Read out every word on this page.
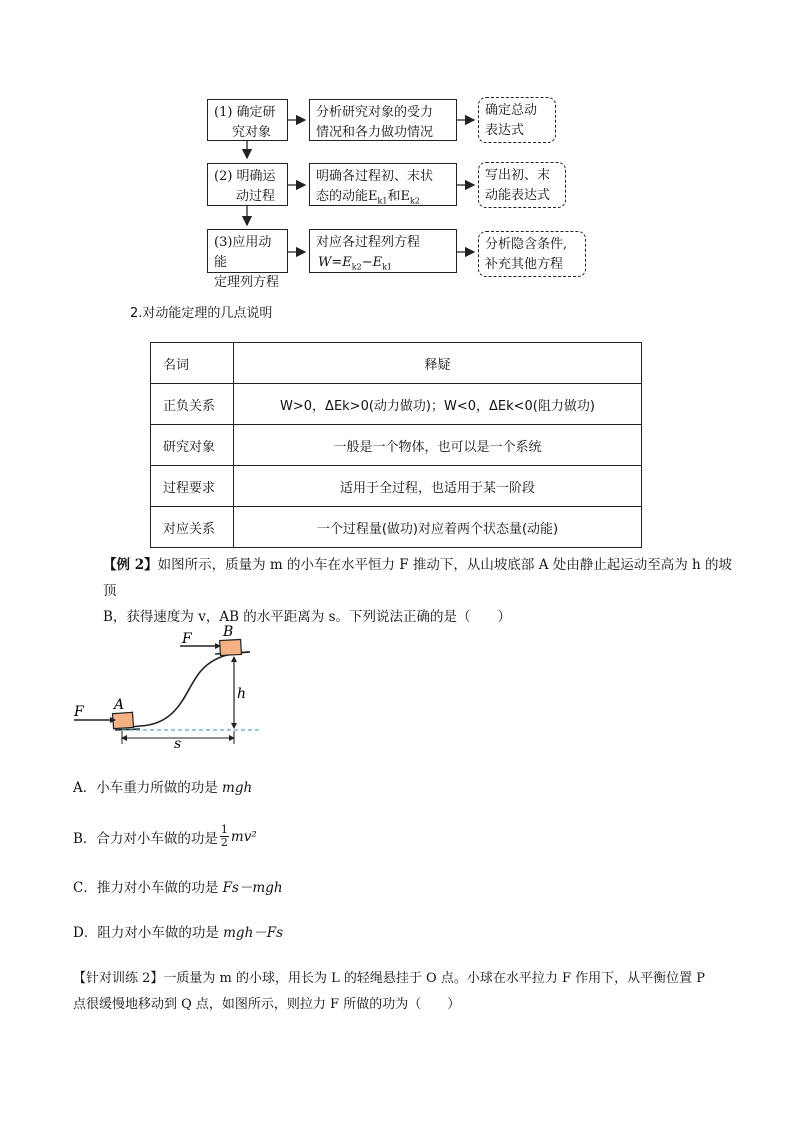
(1) 确定研
究对象
分析研究对象的受力
情况和各力做功情况
确定总动
表达式
(2) 明确运
动过程
明确各过程初、末状
态的动能$E_{k1}$和$E_{k2}$
写出初、末
动能表达式
(3)应用动能
定理列方程
对应各过程列方程
$W=E_{k2}-E_{k1}$
分析隐含条件,
补充其他方程
2.对动能定理的几点说明
名词	释疑
正负关系	W>0，ΔEk>0(动力做功)；W<0，ΔEk<0(阻力做功)
研究对象	一般是一个物体，也可以是一个系统
过程要求	适用于全过程，也适用于某一阶段
对应关系	一个过程量(做功)对应着两个状态量(动能)
【例 2】如图所示，质量为 m 的小车在水平恒力 F 推动下，从山坡底部 A 处由静止起运动至高为 h 的坡顶
B，获得速度为 v，AB 的水平距离为 s。下列说法正确的是（　　）
F B
h
F A
s
A．小车重力所做的功是 mgh
B． 合力对小车做的功是 $\frac{1}{2} mv^2$
C．推力对小车做的功是 Fs－mgh
D．阻力对小车做的功是 mgh－Fs
【针对训练 2】一质量为 m 的小球，用长为 L 的轻绳悬挂于 O 点。小球在水平拉力 F 作用下，从平衡位置 P
点很缓慢地移动到 Q 点，如图所示，则拉力 F 所做的功为（　　）
